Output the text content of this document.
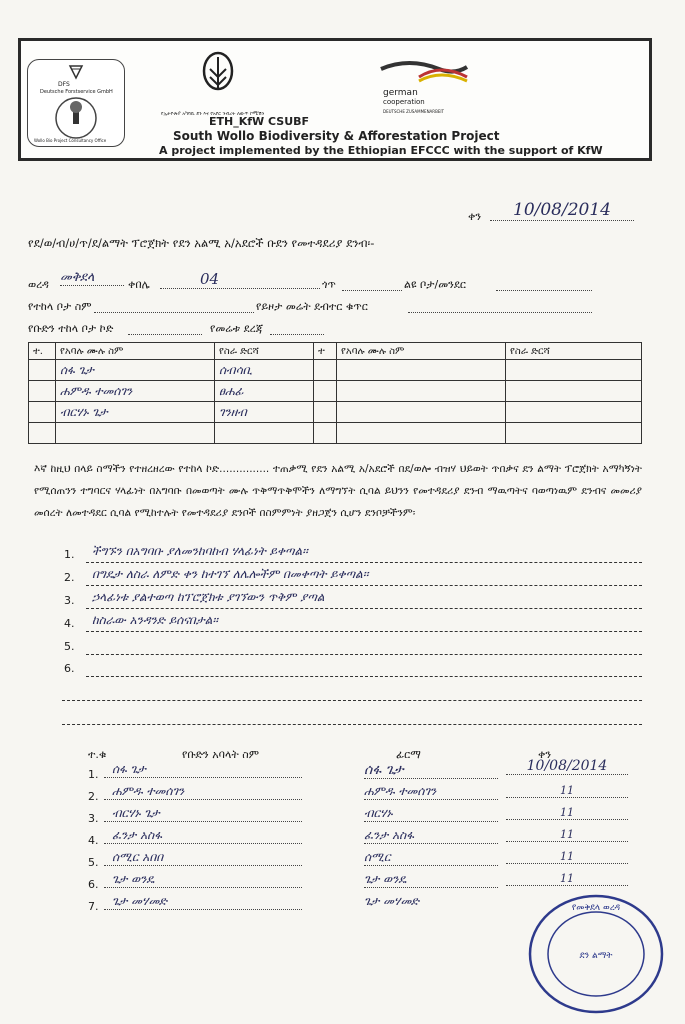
DFS
Deutsche Forstservice GmbH
Wollo Bio Project Consultancy Office
የኢትዮጵያ አካባቢ ደን እና የአየር ንብረት ለውጥ ኮሚሽን
german
cooperation
DEUTSCHE ZUSAMMENARBEIT
ETH_KfW CSUBF
South Wollo Biodiversity & Afforestation Project
A project implemented by the Ethiopian EFCCC with the support of KfW
ቀን	10/08/2014
የደ/ወ/ብ/ሀ/ጥ/ደ/ልማት ፕሮጀክት የደን አልሚ አ/አደሮች ቡደን የመተዳደሪያ ደንብ፡-
ወረዳ መቅደላ	ቀበሌ	04	ጎጥ	ልዩ ቦታ/መንደር
የተከላ ቦታ ስም	የይዞታ መሬት ደብተር ቁጥር
የቡድን ተከላ ቦታ ኮድ	የመሬቱ ደረጃ
ተ.	የአባሉ ሙሉ ስም	የስራ ድርሻ	ተ	የአባሉ ሙሉ ስም	የስራ ድርሻ
	ሰፋ ጌታ	ሰብሳቢ			
	ሐምዱ ተመሰገን	ፀሐፊ			
	ብርሃኑ ጌታ	ገንዘብ			

እኛ ከዚህ በላይ ስማችን የተዘረዘረው የተከላ ኮድ............... ተጠቃሚ የደን አልሚ አ/አደሮች በደ/ወሎ ብዝሃ ህይወት ጥበቃና ደን ልማት ፕሮጀክት አማካኝነት የሚሰጠንን ተግባርና ሃላፊነት በአግባቡ በመወጣት ሙሉ ጥቅማጥቅሞችን ለማግኘት ሲባል ይህንን የመተዳደሪያ ደንብ ማዉጣትና ባወጣነዉም ደንብና መመሪያ መሰረት ለመተዳደር ሲባል የሚከተሉት የመተዳደሪያ ደንቦች በስምምነት ያዘጋጀን ሲሆን ደንቦቻችንም፡
1. ችግኙን በአግባቡ ያለመንከባከብ ሃላፊነት ይቀጣል፡፡
2. በግዴታ ለስራ ለምድ ቀን ከተገኘ ለሌሎችም በመቀጣት ይቀጣል፡፡
3. ኃላፊነቱ ያልተወጣ ከፕሮጀክቱ ያገኘውን ጥቅም ያጣል
4. ከስራው አንዳንድ ይሰናበታል፡፡
5.
6.
ተ.ቁ	የቡድን አባላት ስም	ፊርማ	ቀን
1.	ሰፋ ጌታ	ሰፋ ጌታ	10/08/2014
2.	ሐምዱ ተመሰገን	ሐምዱ ተመሰገን	11
3.	ብርሃኑ ጌታ	ብርሃኑ	11
4.	ፈንታ አስፋ	ፈንታ አስፋ	11
5.	ሰሚር አበበ	ሰሚር	11
6.	ጌታ ወንዴ	ጌታ ወንዴ	11
7.	ጌታ መሃመድ	ጌታ መሃመድ	የመቅደላ ወረዳ
ደን ልማት
